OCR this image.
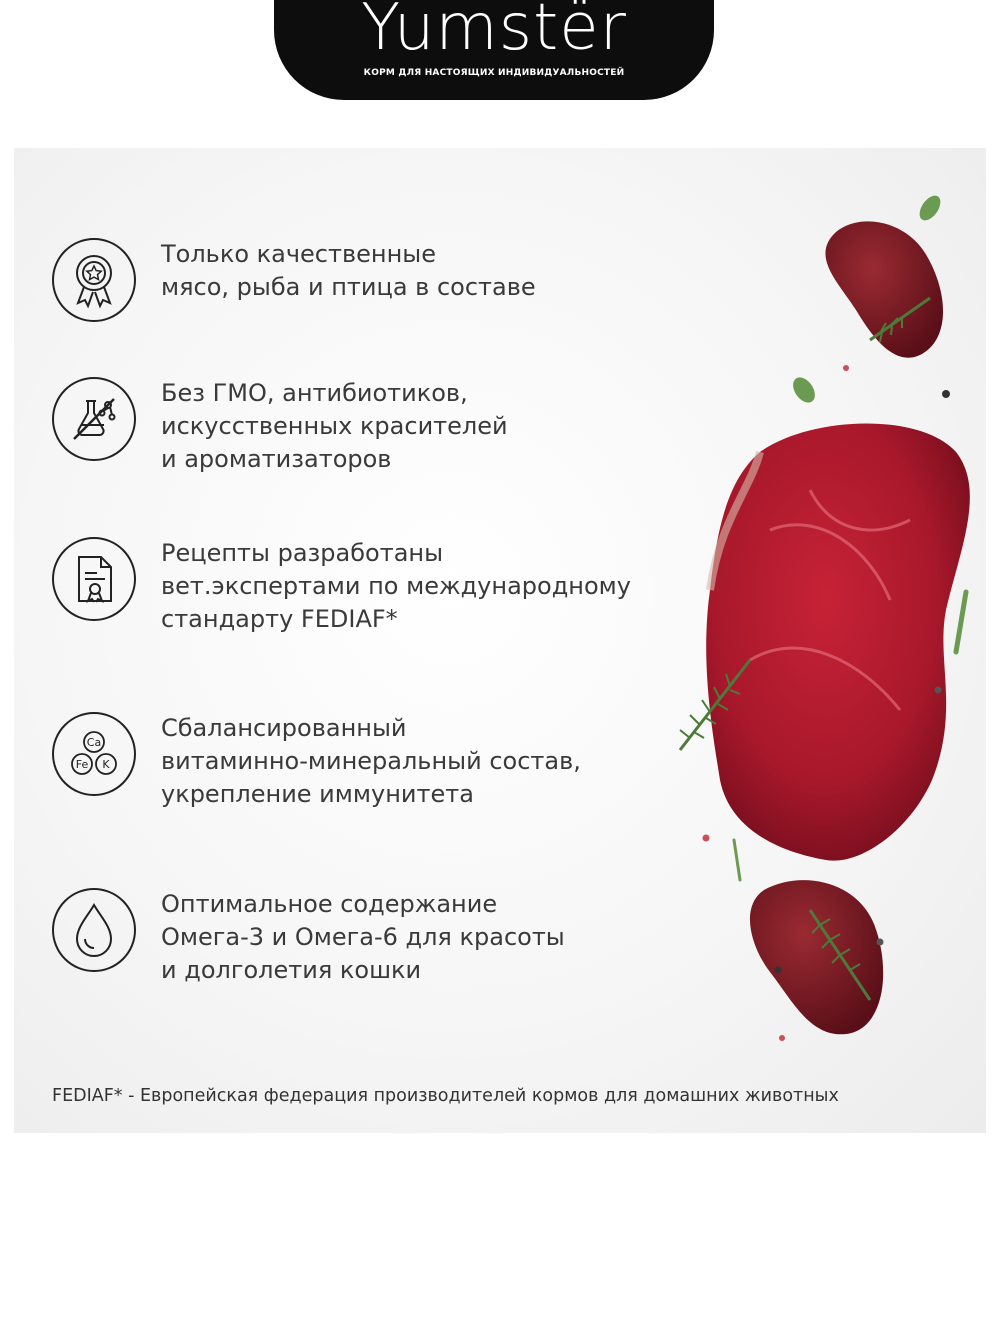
Yumstër
КОРМ ДЛЯ НАСТОЯЩИХ ИНДИВИДУАЛЬНОСТЕЙ
Только качественные
мясо, рыба и птица в составе
Без ГМО, антибиотиков,
искусственных красителей
и ароматизаторов
Рецепты разработаны
вет.экспертами по международному
стандарту FEDIAF*
Ca
Fe K
Сбалансированный
витаминно-минеральный состав,
укрепление иммунитета
Оптимальное содержание
Омега-3 и Омега-6 для красоты
и долголетия кошки
FEDIAF* - Европейская федерация производителей кормов для домашних животных
